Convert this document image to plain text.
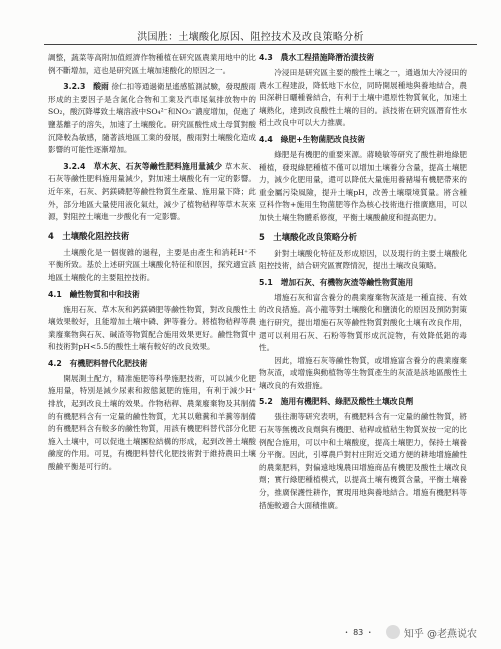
洪国胜：土壤酸化原因、阻控技术及改良策略分析

調整，蔬菜等高附加值經濟作物種植在研究區農業用地中的比例不斷增加，這也是研究區土壤加速酸化的原因之一。

3.2.3　酸雨 徐仁扣等通過衛星遙感監測試驗，發現酸雨形成的主要因子是含氮化合物和工業及汽車尾氣排放物中的SO₂，酸沉降導致土壤溶液中SO₄²⁻和NO₃⁻濃度增加，促進了鹽基離子的溶失，加速了土壤酸化。研究區酸性成土母質對酸沉降較為敏感，隨著該地區工業的發展，酸雨對土壤酸化造成影響的可能性逐漸增加。

3.2.4　草木灰、石灰等鹼性肥料施用量減少 草木灰、石灰等鹼性肥料施用量減少，對加速土壤酸化有一定的影響。近年來，石灰、鈣鎂磷肥等鹼性物質生產量、施用量下降；此外，部分地區大量使用液化氣灶，減少了植物秸稈等草木灰來源，對阻控土壤進一步酸化有一定影響。

4　土壤酸化阻控技術

土壤酸化是一個復雜的過程，主要是由產生和消耗H⁺不平衡所致。基於上述研究區土壤酸化特征和原因，探究適宜該地區土壤酸化的主要阻控技術。

4.1　鹼性物質和中和技術

施用石灰、草木灰和鈣鎂磷肥等鹼性物質，對改良酸性土壤效果較好，且能增加土壤中磷、鉀等養分。將植物秸稈等農業廢棄物與石灰、碱渣等物質配合施用效果更好。鹼性物質中和技術對pH<5.5的酸性土壤有較好的改良效果。

4.2　有機肥料替代化肥技術

開展測土配方，精准施肥等科學施肥技術，可以減少化肥施用量，特別是減少尿素和銨態氮肥的施用，有利于減少H⁺排放，起到改良土壤的效果。作物秸稈、農業廢棄物及其制備的有機肥料含有一定量的鹼性物質，尤其以雞糞和羊糞等制備的有機肥料含有較多的鹼性物質，用該有機肥料替代部分化肥施入土壤中，可以促進土壤團粒結構的形成，起到改善土壤酸鹼度的作用。可見，有機肥料替代化肥技術對于維持農田土壤酸鹼平衡是可行的。

4.3　農水工程措施降潛治漬技術

冷浸田是研究區主要的酸性土壤之一，通過加大冷浸田的農水工程建設，降低地下水位，同時開展種地與養地結合，農田深耕日曬種養結合，有利于土壤中還原性物質氧化，加速土壤熟化，達到改良酸性土壤的目的。該技術在研究區潛育性水稻土改良中可以大力推廣。

4.4　綠肥+生物菌肥改良技術

綠肥是有機肥的重要來源。蔣曉敏等研究了酸性耕地綠肥種植，發現綠肥種植不僅可以增加土壤養分含量，提高土壤肥力，減少化肥用量，還可以降低大量施用養豬場有機肥帶來的重金屬污染風險，提升土壤pH，改善土壤環境質量。將含種豆科作物+施用生物菌肥等作為核心技術進行推廣應用，可以加快土壤生物體系修復，平衡土壤酸鹼度和提高肥力。

5　土壤酸化改良策略分析

針對土壤酸化特征及形成原因，以及現行的主要土壤酸化阻控技術，結合研究區實際情況，提出土壤改良策略。

5.1　增加石灰、有機物灰渣等鹼性物質施用

增施石灰和富含養分的農業廢棄物灰渣是一種直接、有效的改良措施。高小龍等對土壤酸化和鹽漬化的原因及預防對策進行研究，提出增施石灰等鹼性物質對酸化土壤有改良作用，還可以利用石灰、石粉等物質形成沉淀物，有效降低鋁的毒性。

因此，增施石灰等鹼性物質，或增施富含養分的農業廢棄物灰渣，或增施與動植物等生物質產生的灰渣是該地區酸性土壤改良的有效措施。

5.2　施用有機肥料、綠肥及酸性土壤改良劑

張往潮等研究表明，有機肥料含有一定量的鹼性物質，將石灰等無機改良劑與有機肥、秸稈或植秸生物質炭按一定的比例配合施用，可以中和土壤酸度，提高土壤肥力，保持土壤養分平衡。因此，引導農戶對村庄附近交通方便的耕地增施鹼性的農業肥料，對偏遠地塊農田增施商品有機肥及酸性土壤改良劑；實行綠肥種植模式，以提高土壤有機質含量，平衡土壤養分，推廣保護性耕作，實現用地與養地結合。增施有機肥料等措施較適合大面積推廣。

・ 83 ・	知乎 @老燕说农
